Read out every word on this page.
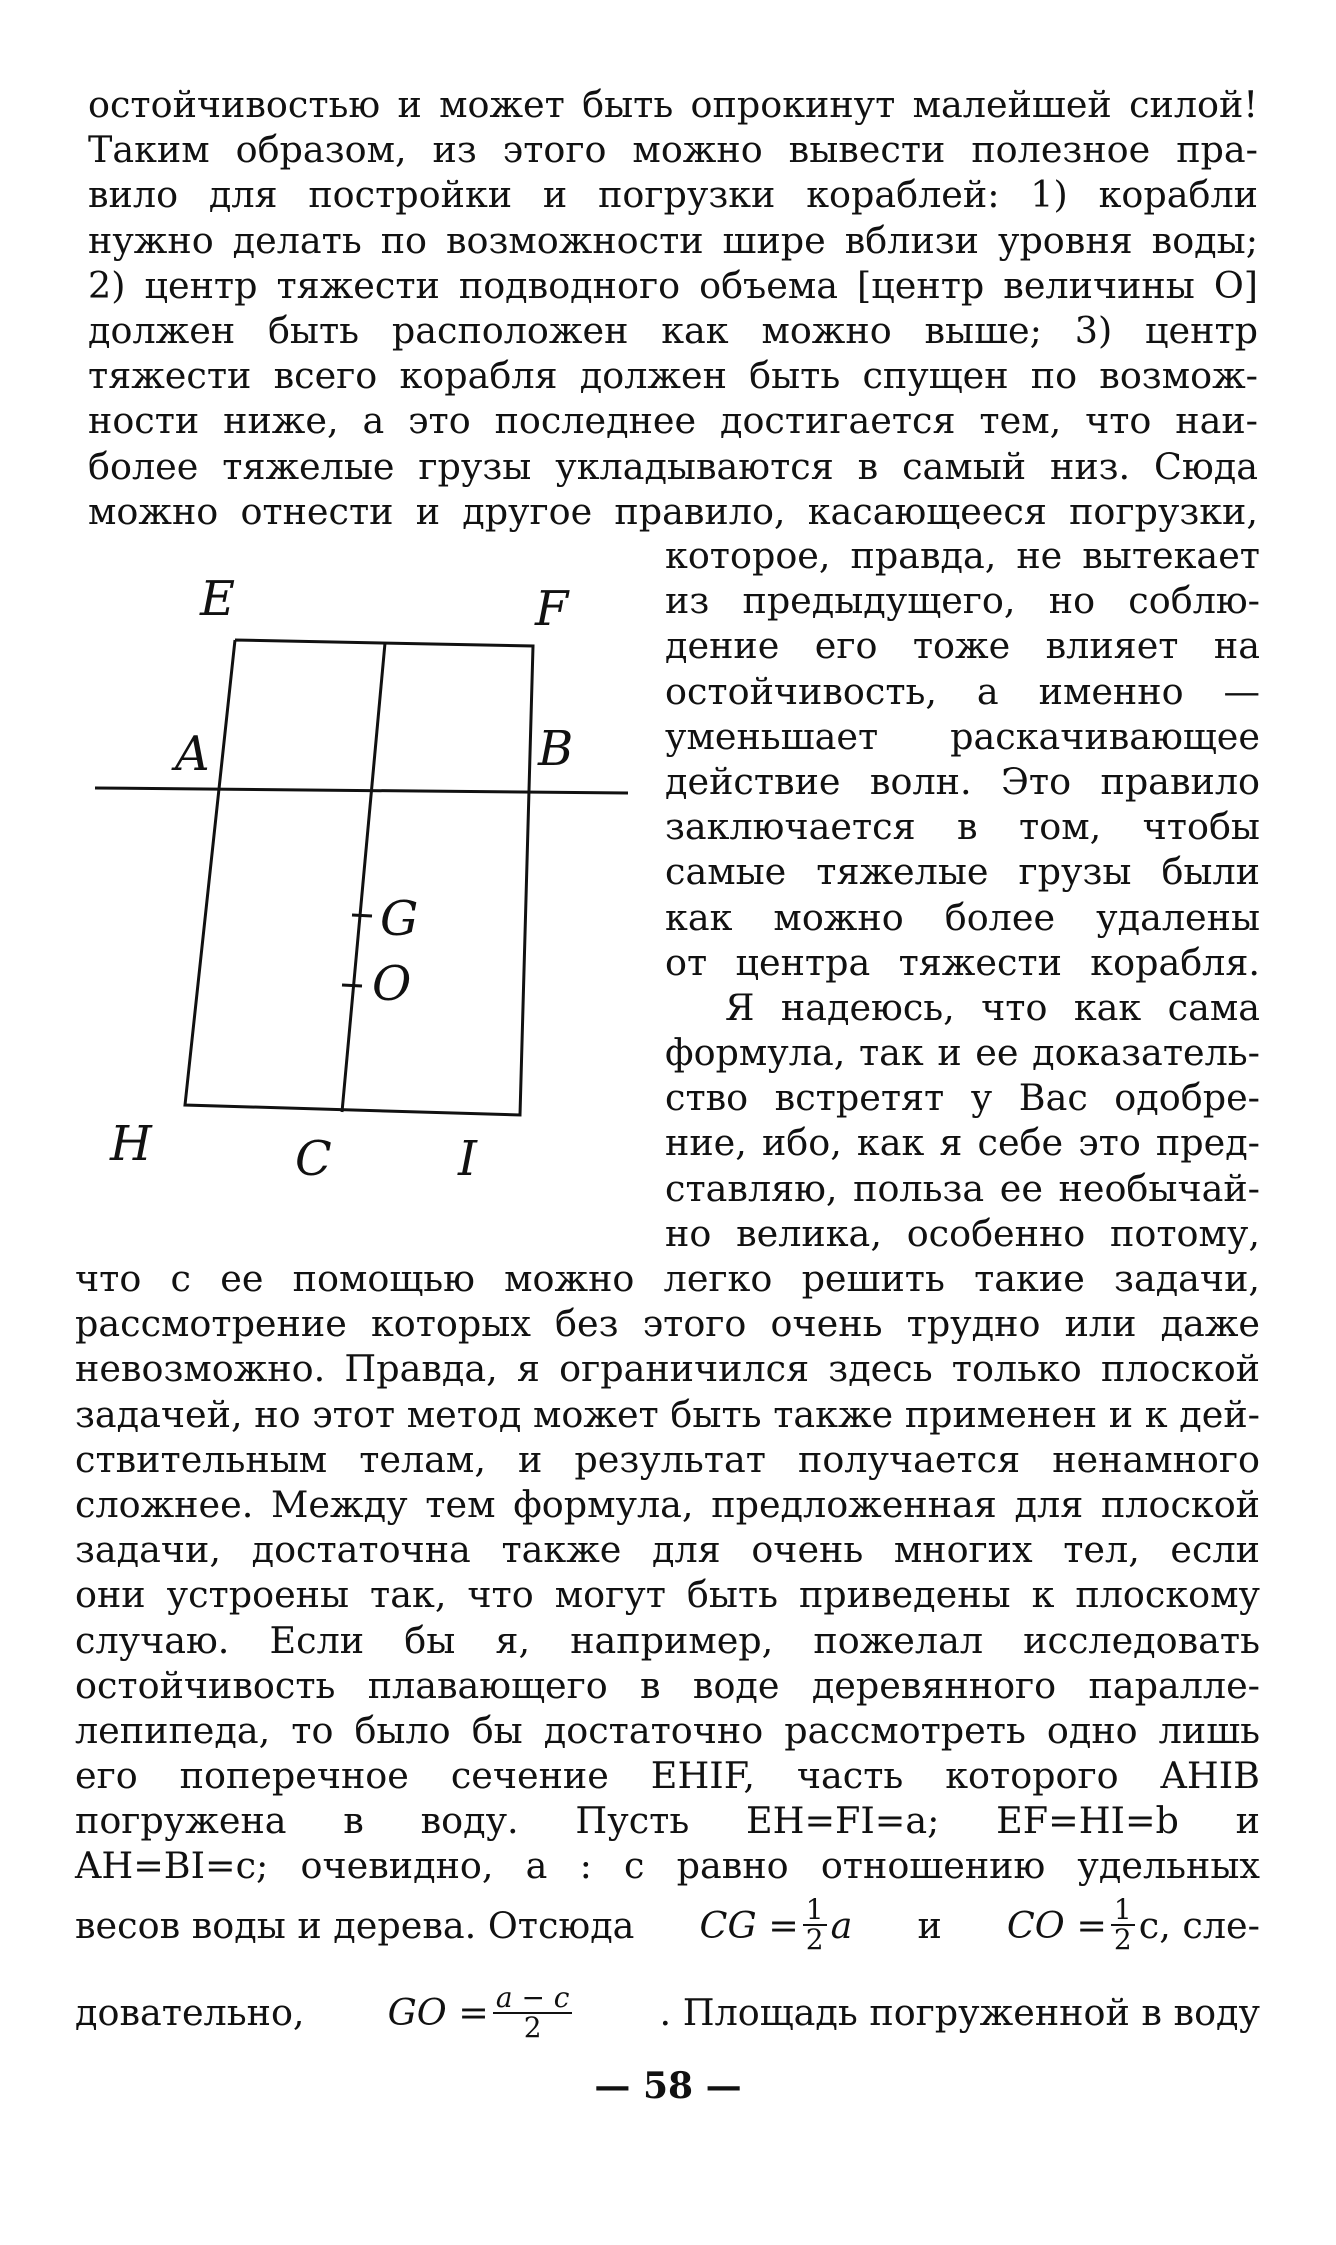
остойчивостью и может быть опрокинут малейшей силой!
Таким образом, из этого можно вывести полезное пра-
вило для постройки и погрузки кораблей: 1) корабли
нужно делать по возможности шире вблизи уровня воды;
2) центр тяжести подводного объема [центр величины O]
должен быть расположен как можно выше; 3) центр
тяжести всего корабля должен быть спущен по возмож-
ности ниже, а это последнее достигается тем, что наи-
более тяжелые грузы укладываются в самый низ. Сюда
можно отнести и другое правило, касающееся погрузки,
E	F
A	B
G
O
H	C	I
которое, правда, не вытекает
из предыдущего, но соблю-
дение его тоже влияет на
остойчивость, а именно —
уменьшает раскачивающее
действие волн. Это правило
заключается в том, чтобы
самые тяжелые грузы были
как можно более удалены
от центра тяжести корабля.
Я надеюсь, что как сама
формула, так и ее доказатель-
ство встретят у Вас одобре-
ние, ибо, как я себе это пред-
ставляю, польза ее необычай-
но велика, особенно потому,
что с ее помощью можно легко решить такие задачи,
рассмотрение которых без этого очень трудно или даже
невозможно. Правда, я ограничился здесь только плоской
задачей, но этот метод может быть также применен и к дей-
ствительным телам, и результат получается ненамного
сложнее. Между тем формула, предложенная для плоской
задачи, достаточна также для очень многих тел, если
они устроены так, что могут быть приведены к плоскому
случаю. Если бы я, например, пожелал исследовать
остойчивость плавающего в воде деревянного паралле-
лепипеда, то было бы достаточно рассмотреть одно лишь
его поперечное сечение EHIF, часть которого AHIB
погружена в воду. Пусть EH=FI=a; EF=HI=b и
AH=BI=c; очевидно, a : c равно отношению удельных
весов воды и дерева. Отсюда CG = $\frac{1}{2}$ a и CO = $\frac{1}{2} c$, сле-
довательно, GO = $\frac{a - c}{2}$ . Площадь погруженной в воду
— 58 —
